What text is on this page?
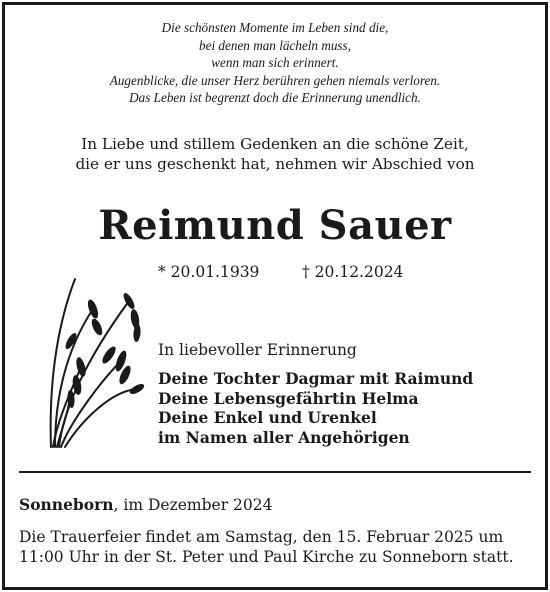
Die schönsten Momente im Leben sind die,
bei denen man lächeln muss,
wenn man sich erinnert.
Augenblicke, die unser Herz berühren gehen niemals verloren.
Das Leben ist begrenzt doch die Erinnerung unendlich.
In Liebe und stillem Gedenken an die schöne Zeit,
die er uns geschenkt hat, nehmen wir Abschied von
Reimund Sauer
* 20.01.1939	† 20.12.2024
In liebevoller Erinnerung
Deine Tochter Dagmar mit Raimund
Deine Lebensgefährtin Helma
Deine Enkel und Urenkel
im Namen aller Angehörigen
Sonneborn, im Dezember 2024
Die Trauerfeier findet am Samstag, den 15. Februar 2025 um
11:00 Uhr in der St. Peter und Paul Kirche zu Sonneborn statt.
